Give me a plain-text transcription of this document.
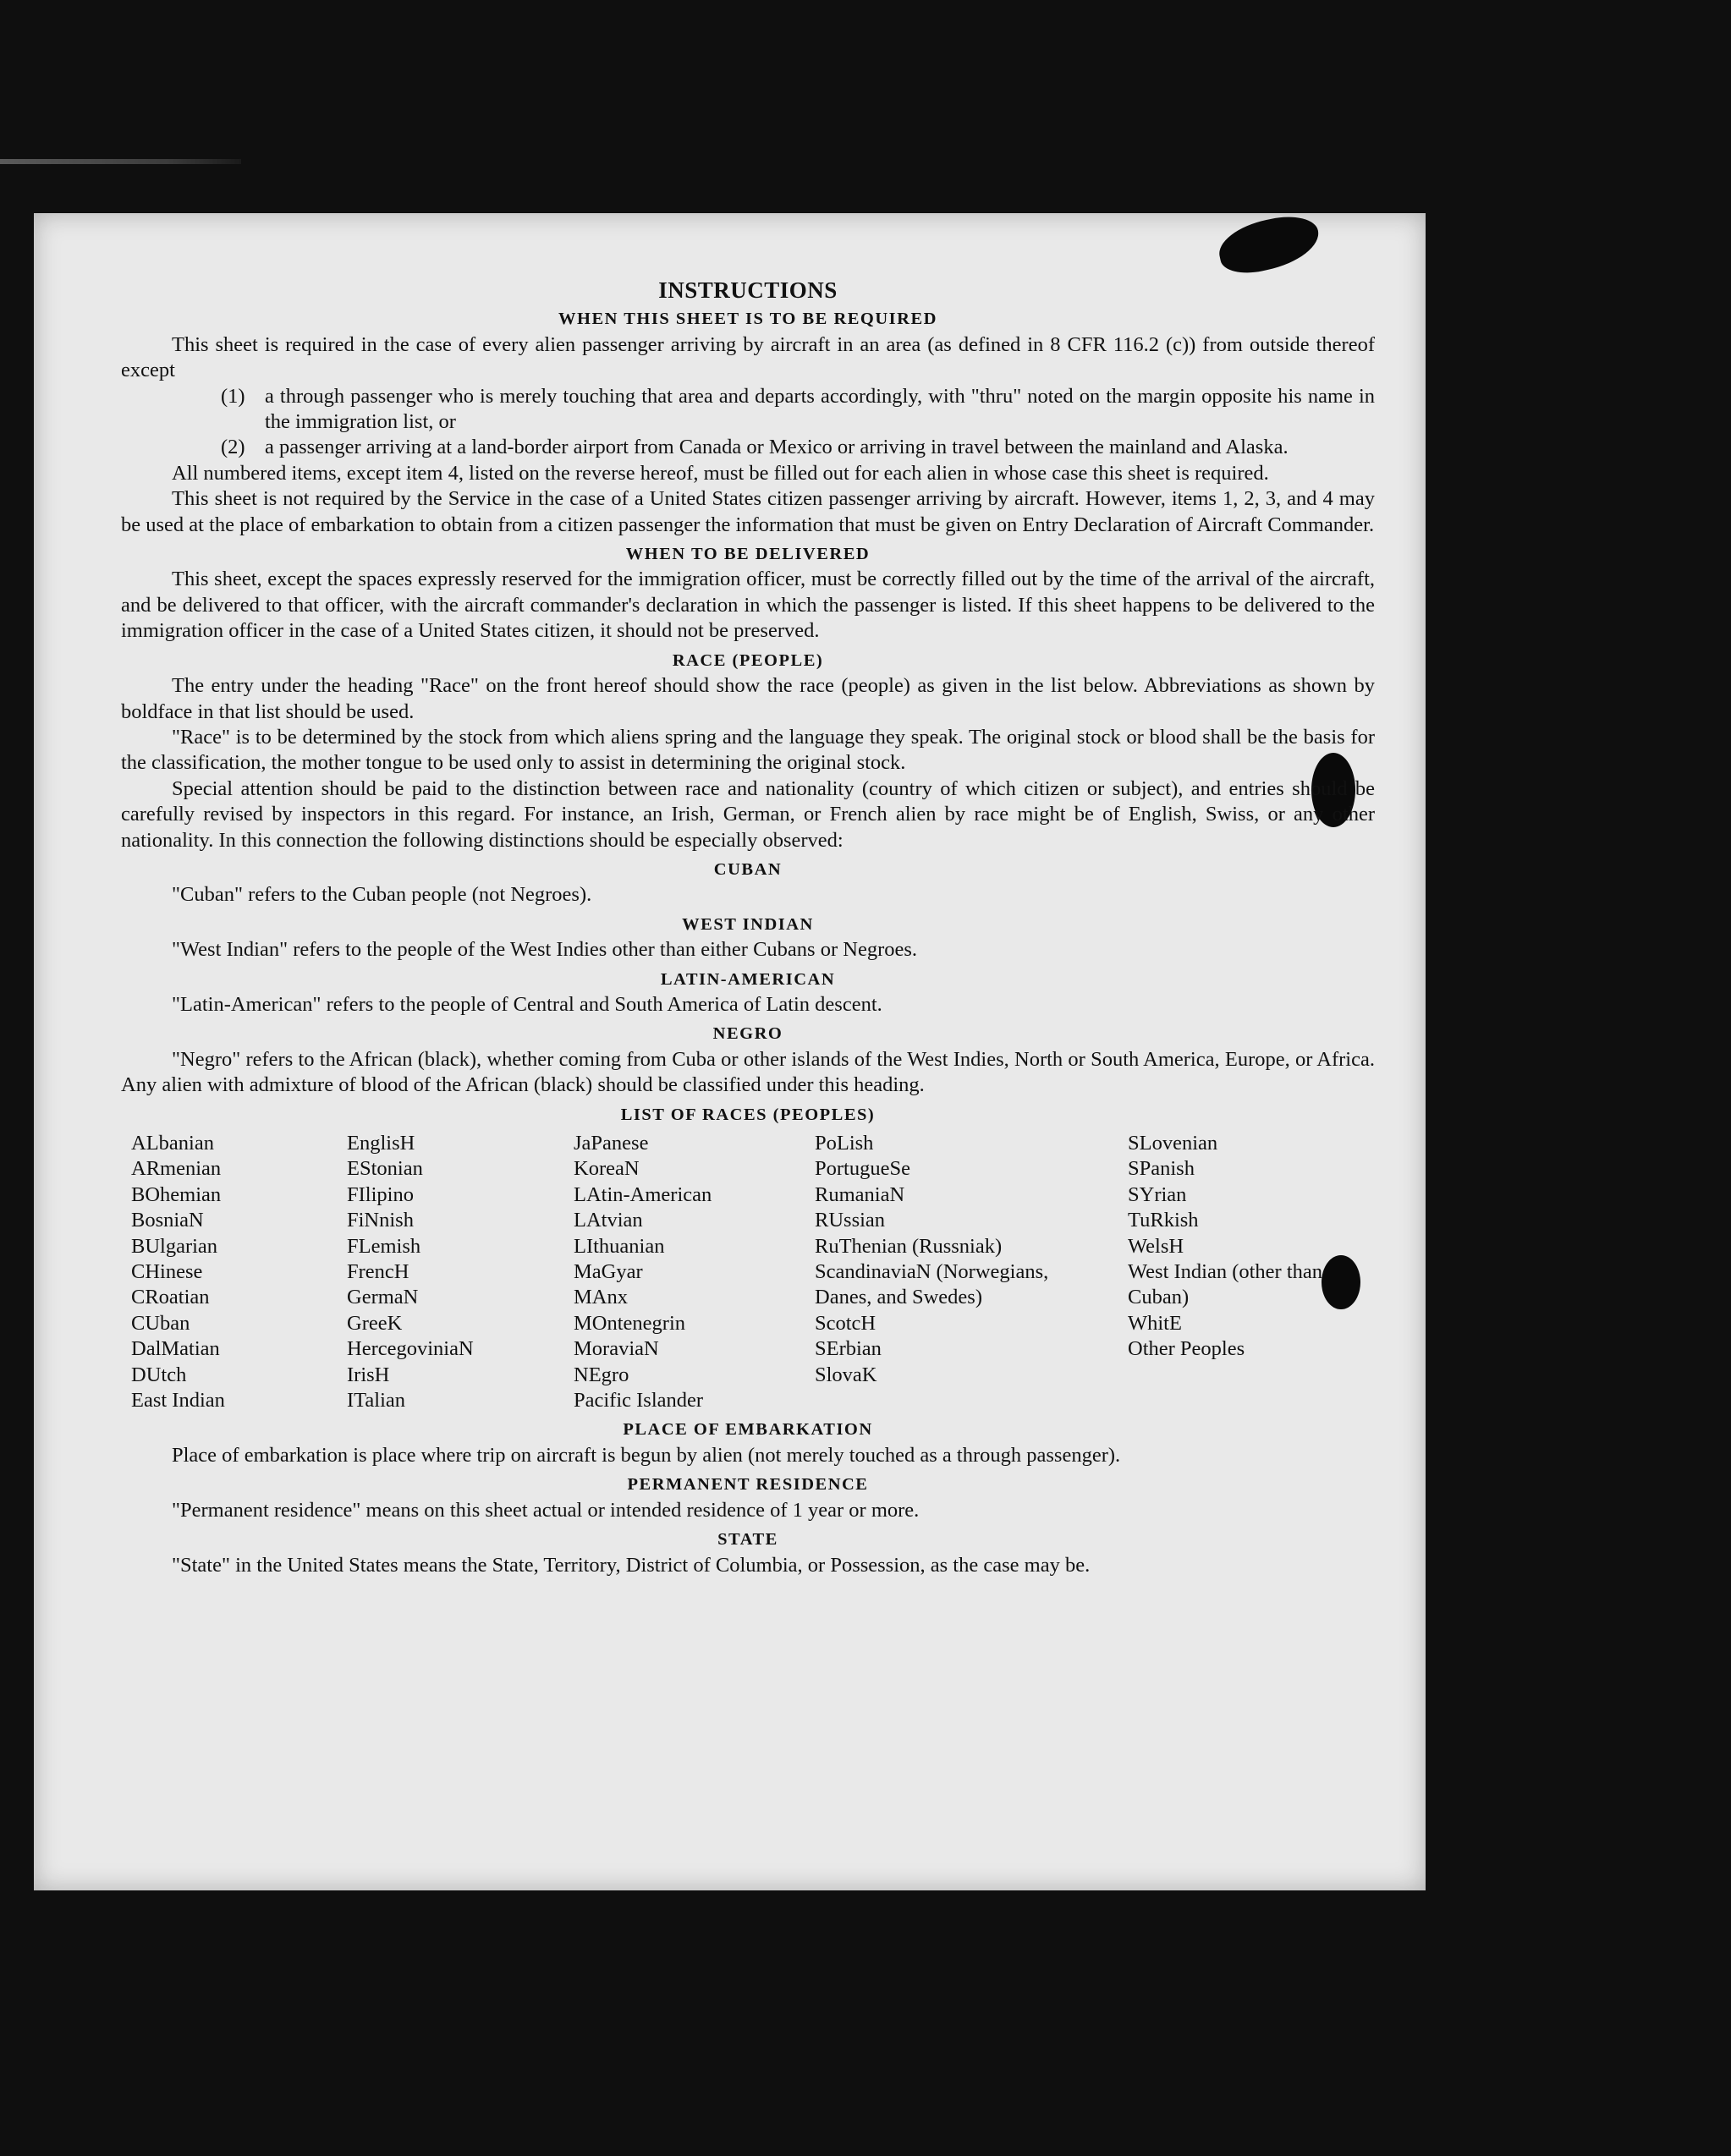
INSTRUCTIONS
WHEN THIS SHEET IS TO BE REQUIRED

This sheet is required in the case of every alien passenger arriving by aircraft in an area (as defined in 8 CFR 116.2 (c)) from outside thereof except

(1) a through passenger who is merely touching that area and departs accordingly, with "thru" noted on the margin opposite his name in the immigration list, or
(2) a passenger arriving at a land-border airport from Canada or Mexico or arriving in travel between the mainland and Alaska.

All numbered items, except item 4, listed on the reverse hereof, must be filled out for each alien in whose case this sheet is required.

This sheet is not required by the Service in the case of a United States citizen passenger arriving by aircraft. However, items 1, 2, 3, and 4 may be used at the place of embarkation to obtain from a citizen passenger the information that must be given on Entry Declaration of Aircraft Commander.

WHEN TO BE DELIVERED

This sheet, except the spaces expressly reserved for the immigration officer, must be correctly filled out by the time of the arrival of the aircraft, and be delivered to that officer, with the aircraft commander's declaration in which the passenger is listed. If this sheet happens to be delivered to the immigration officer in the case of a United States citizen, it should not be preserved.

RACE (PEOPLE)

The entry under the heading "Race" on the front hereof should show the race (people) as given in the list below. Abbreviations as shown by boldface in that list should be used.

"Race" is to be determined by the stock from which aliens spring and the language they speak. The original stock or blood shall be the basis for the classification, the mother tongue to be used only to assist in determining the original stock.

Special attention should be paid to the distinction between race and nationality (country of which citizen or subject), and entries should be carefully revised by inspectors in this regard. For instance, an Irish, German, or French alien by race might be of English, Swiss, or any other nationality. In this connection the following distinctions should be especially observed:

CUBAN

"Cuban" refers to the Cuban people (not Negroes).

WEST INDIAN

"West Indian" refers to the people of the West Indies other than either Cubans or Negroes.

LATIN-AMERICAN

"Latin-American" refers to the people of Central and South America of Latin descent.

NEGRO

"Negro" refers to the African (black), whether coming from Cuba or other islands of the West Indies, North or South America, Europe, or Africa. Any alien with admixture of blood of the African (black) should be classified under this heading.

LIST OF RACES (PEOPLES)
ALbanian
ARmenian
BOhemian
BosniaN
BUlgarian
CHinese
CRoatian
CUban
DalMatian
DUtch
East Indian
EnglisH
EStonian
FIlipino
FiNnish
FLemish
FrencH
GermaN
GreeK
HercegoviniaN
IrisH
ITalian
JaPanese
KoreaN
LAtin-American
LAtvian
LIthuanian
MaGyar
MAnx
MOntenegrin
MoraviaN
NEgro
Pacific Islander
PoLish
PortugueSe
RumaniaN
RUssian
RuThenian (Russniak)
ScandinaviaN (Norwegians, Danes, and Swedes)
ScotcH
SErbian
SlovaK
SLovenian
SPanish
SYrian
TuRkish
WelsH
West Indian (other than Cuban)
WhitE
Other Peoples
PLACE OF EMBARKATION

Place of embarkation is place where trip on aircraft is begun by alien (not merely touched as a through passenger).

PERMANENT RESIDENCE

"Permanent residence" means on this sheet actual or intended residence of 1 year or more.

STATE

"State" in the United States means the State, Territory, District of Columbia, or Possession, as the case may be.
